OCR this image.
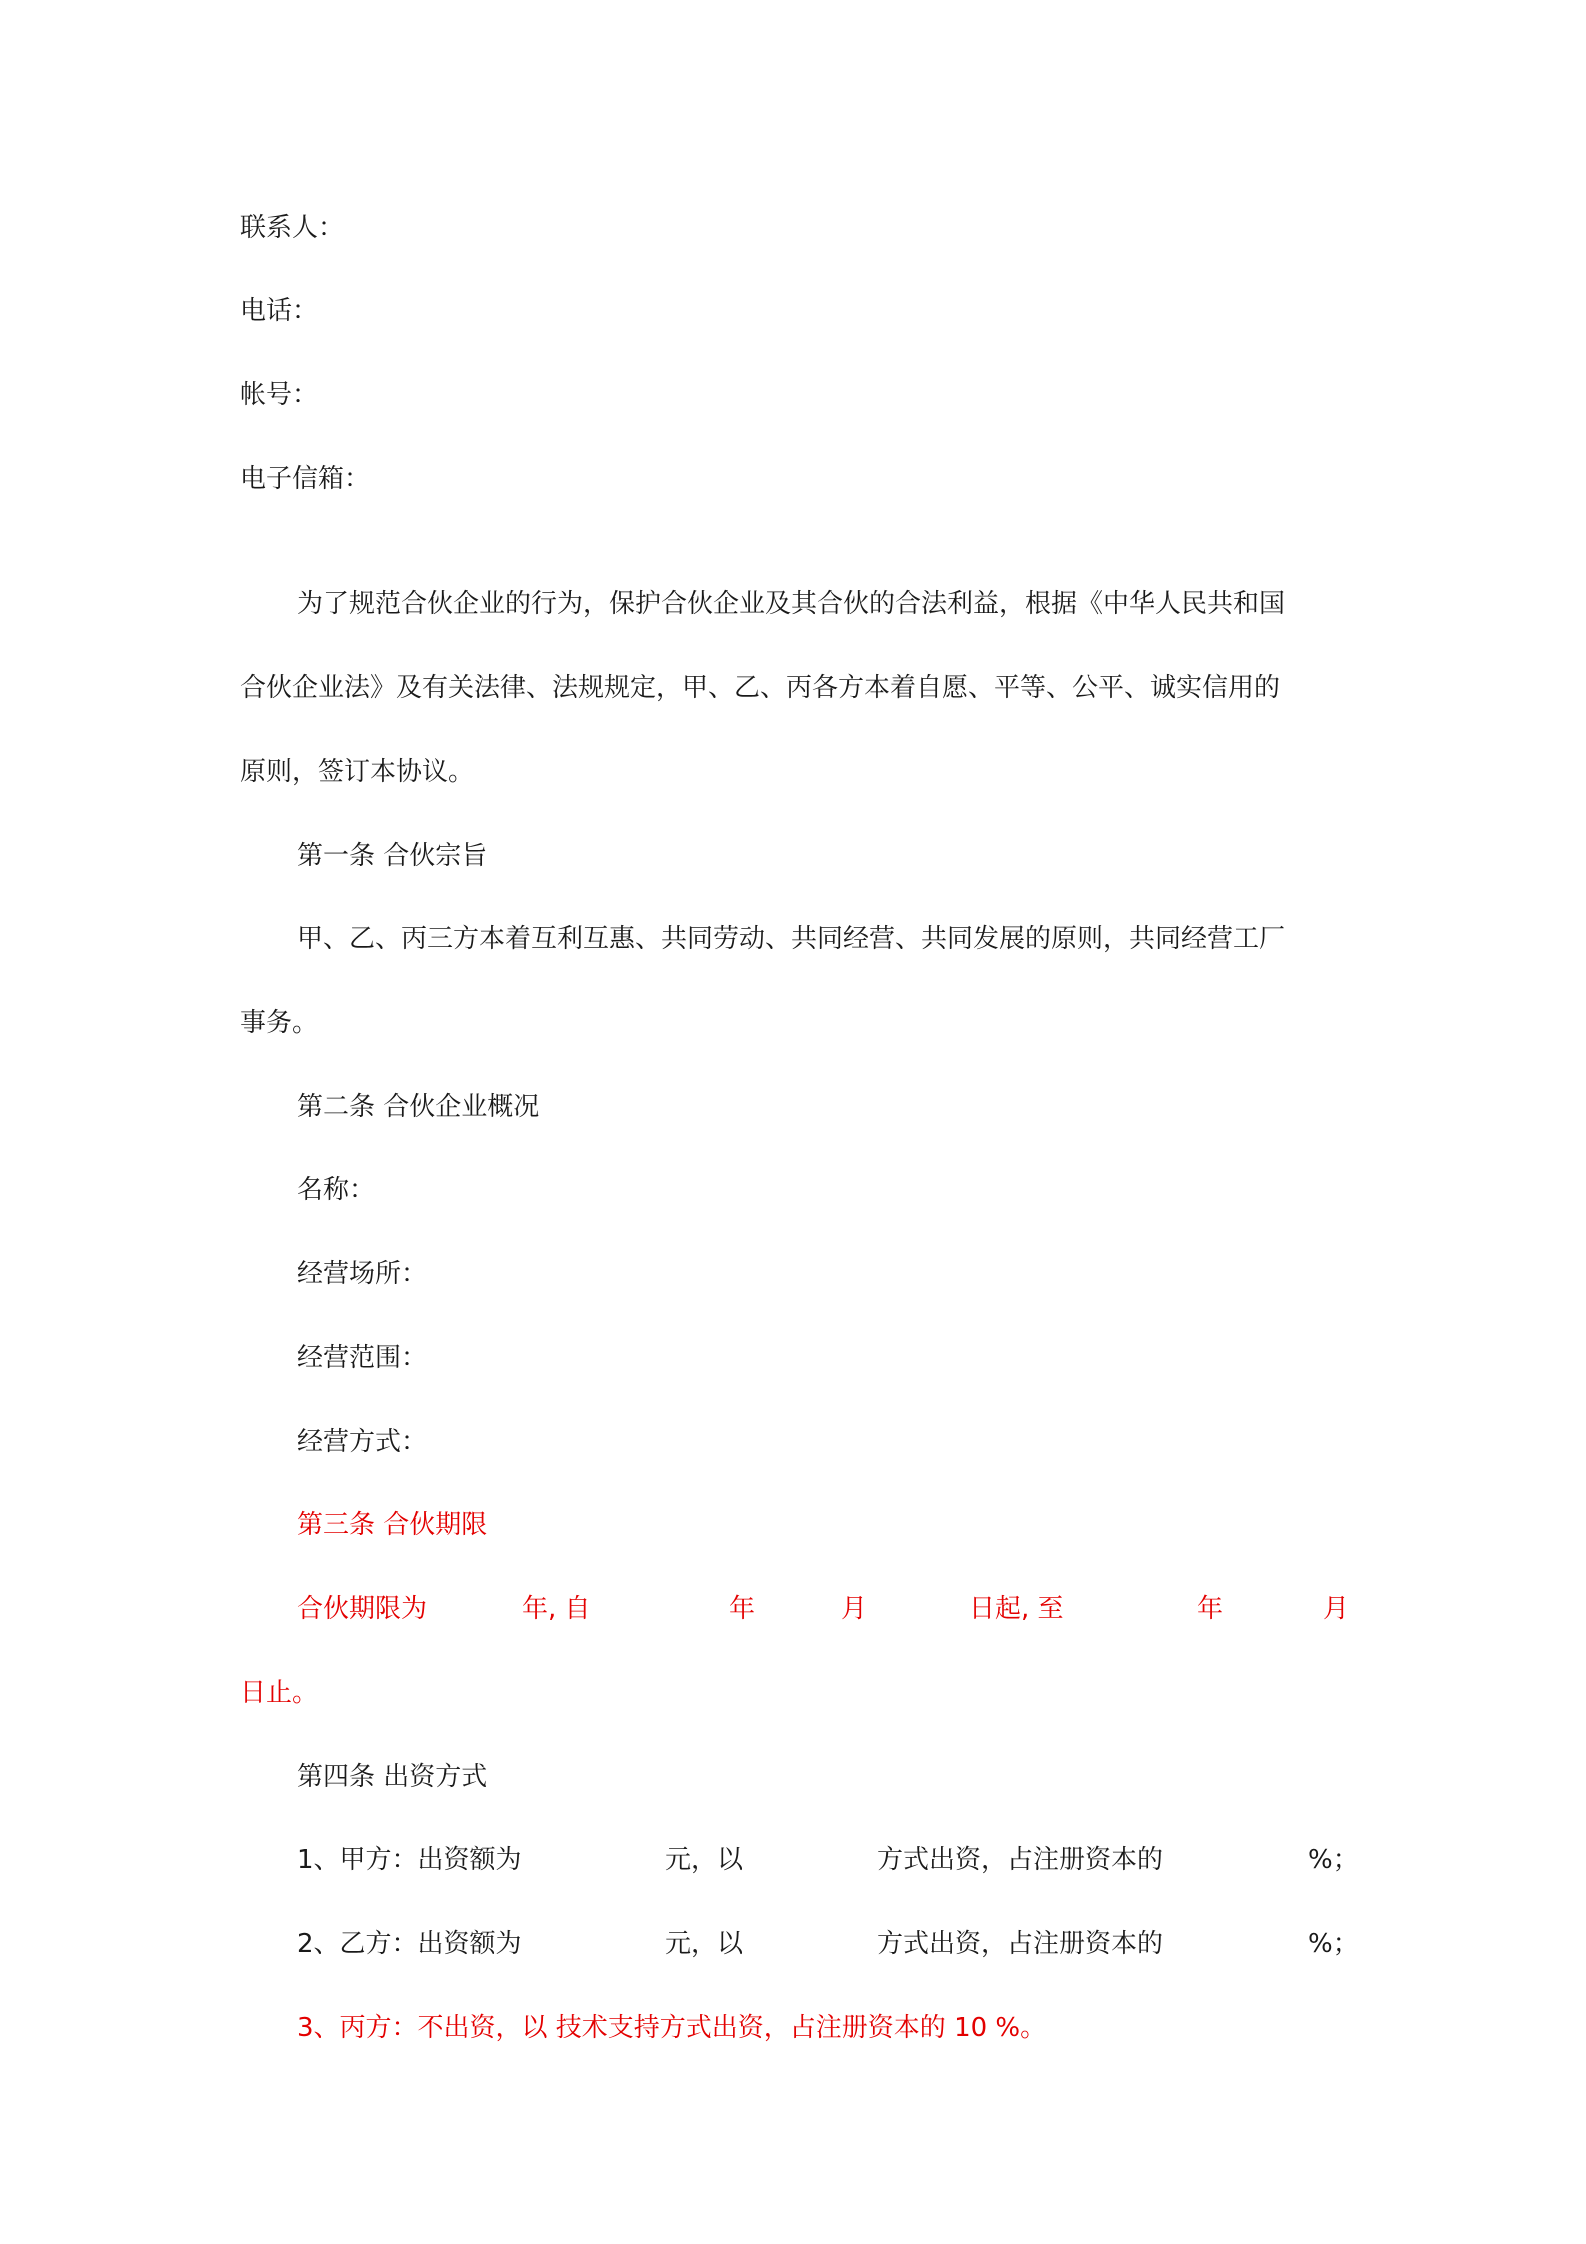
联系人：
电话：
帐号：
电子信箱：
为了规范合伙企业的行为，保护合伙企业及其合伙的合法利益，根据《中华人民共和国
合伙企业法》及有关法律、法规规定，甲、乙、丙各方本着自愿、平等、公平、诚实信用的
原则，签订本协议。
第一条 合伙宗旨
甲、乙、丙三方本着互利互惠、共同劳动、共同经营、共同发展的原则，共同经营工厂
事务。
第二条 合伙企业概况
名称：
经营场所：
经营范围：
经营方式：
第三条 合伙期限
合伙期限为	年, 自	年	月	日起, 至	年	月
日止。
第四条 出资方式
1、甲方：出资额为	元，以	方式出资，占注册资本的	%；
2、乙方：出资额为	元，以	方式出资，占注册资本的	%；
3、丙方：不出资，以 技术支持方式出资，占注册资本的 10 %。
